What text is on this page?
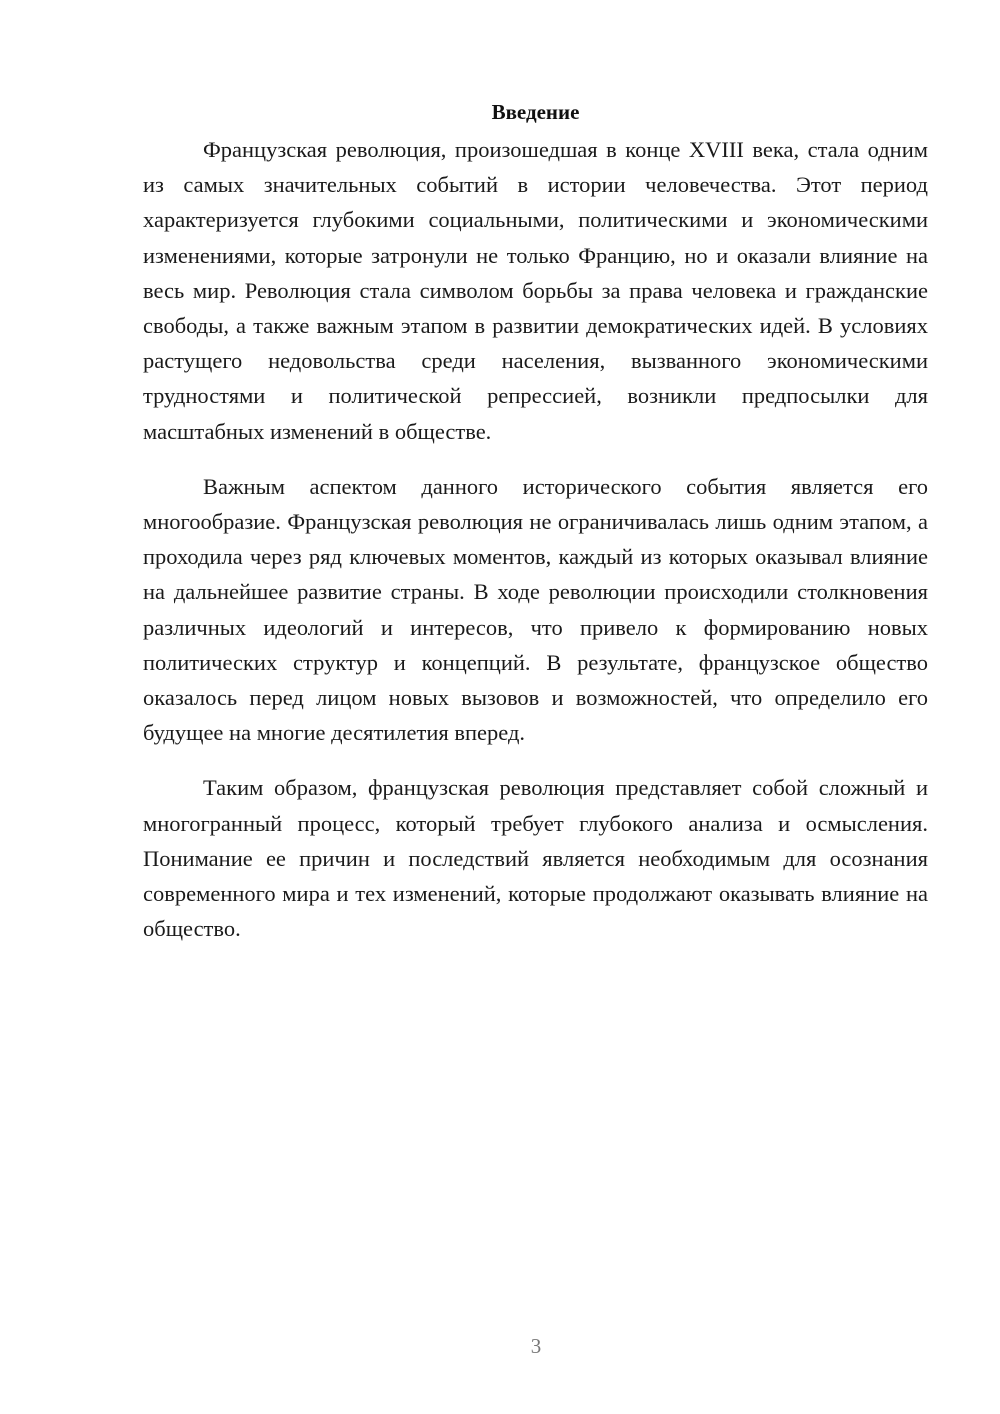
Введение

Французская революция, произошедшая в конце XVIII века, стала одним из самых значительных событий в истории человечества. Этот период характеризуется глубокими социальными, политическими и экономическими изменениями, которые затронули не только Францию, но и оказали влияние на весь мир. Революция стала символом борьбы за права человека и гражданские свободы, а также важным этапом в развитии демократических идей. В условиях растущего недовольства среди населения, вызванного экономическими трудностями и политической репрессией, возникли предпосылки для масштабных изменений в обществе.

Важным аспектом данного исторического события является его многообразие. Французская революция не ограничивалась лишь одним этапом, а проходила через ряд ключевых моментов, каждый из которых оказывал влияние на дальнейшее развитие страны. В ходе революции происходили столкновения различных идеологий и интересов, что привело к формированию новых политических структур и концепций. В результате, французское общество оказалось перед лицом новых вызовов и возможностей, что определило его будущее на многие десятилетия вперед.

Таким образом, французская революция представляет собой сложный и многогранный процесс, который требует глубокого анализа и осмысления. Понимание ее причин и последствий является необходимым для осознания современного мира и тех изменений, которые продолжают оказывать влияние на общество.

3
